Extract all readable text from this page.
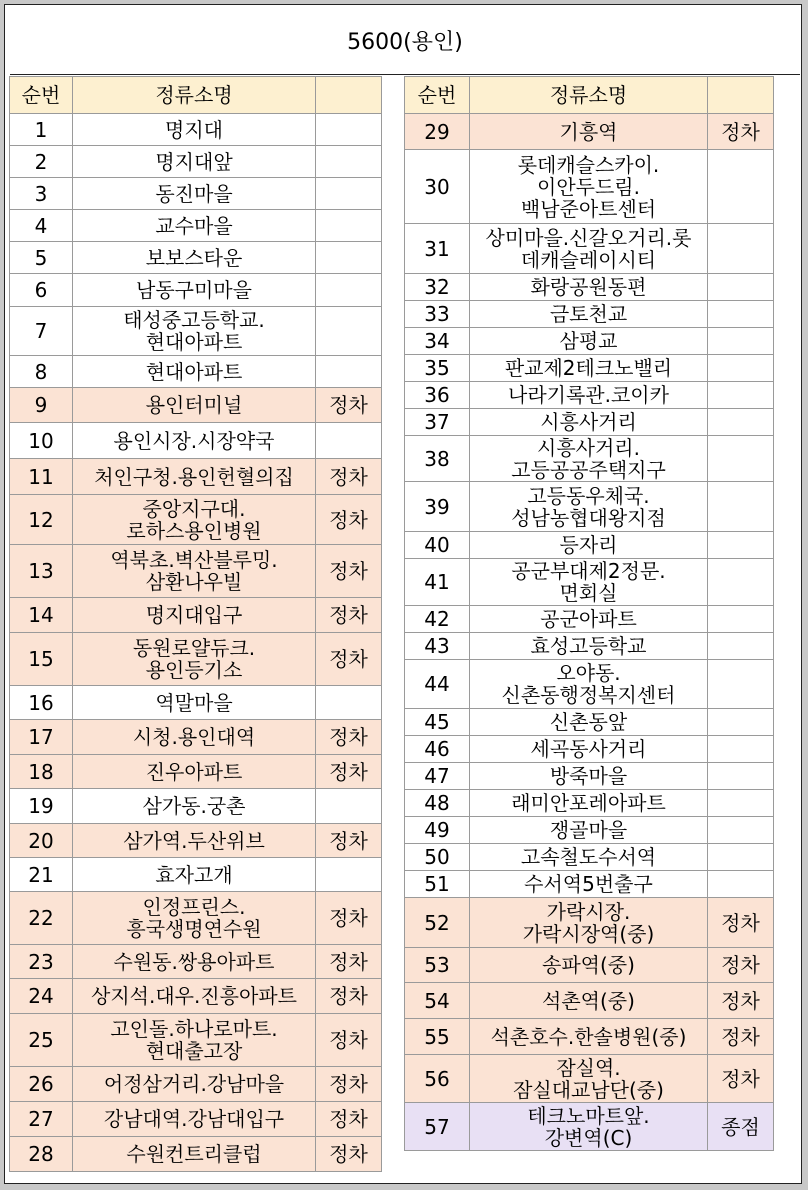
5600(용인)
순번	정류소명	
1	명지대	

2	명지대앞	

3	동진마을	

4	교수마을	

5	보보스타운	

6	남동구미마을	

7	태성중고등학교.
현대아파트	

8	현대아파트	

9	용인터미널	정차
10	용인시장.시장약국	

11	처인구청.용인헌혈의집	정차
12	중앙지구대.
로하스용인병원	정차
13	역북초.벽산블루밍.
삼환나우빌	정차
14	명지대입구	정차
15	동원로얄듀크.
용인등기소	정차
16	역말마을	

17	시청.용인대역	정차
18	진우아파트	정차
19	삼가동.궁촌	

20	삼가역.두산위브	정차
21	효자고개	

22	인정프린스.
흥국생명연수원	정차
23	수원동.쌍용아파트	정차
24	상지석.대우.진흥아파트	정차
25	고인돌.하나로마트.
현대출고장	정차
26	어정삼거리.강남마을	정차
27	강남대역.강남대입구	정차
28	수원컨트리클럽	정차
순번	정류소명	
29	기흥역	정차
30	롯데캐슬스카이.
이안두드림.
백남준아트센터	

31	상미마을.신갈오거리.롯
데캐슬레이시티	

32	화랑공원동편	

33	금토천교	

34	삼평교	

35	판교제2테크노밸리	

36	나라기록관.코이카	

37	시흥사거리	

38	시흥사거리.
고등공공주택지구	

39	고등동우체국.
성남농협대왕지점	

40	등자리	

41	공군부대제2정문.
면회실	

42	공군아파트	

43	효성고등학교	

44	오야동.
신촌동행정복지센터	

45	신촌동앞	

46	세곡동사거리	

47	방죽마을	

48	래미안포레아파트	

49	쟁골마을	

50	고속철도수서역	

51	수서역5번출구	

52	가락시장.
가락시장역(중)	정차
53	송파역(중)	정차
54	석촌역(중)	정차
55	석촌호수.한솔병원(중)	정차
56	잠실역.
잠실대교남단(중)	정차
57	테크노마트앞.
강변역(C)	종점
